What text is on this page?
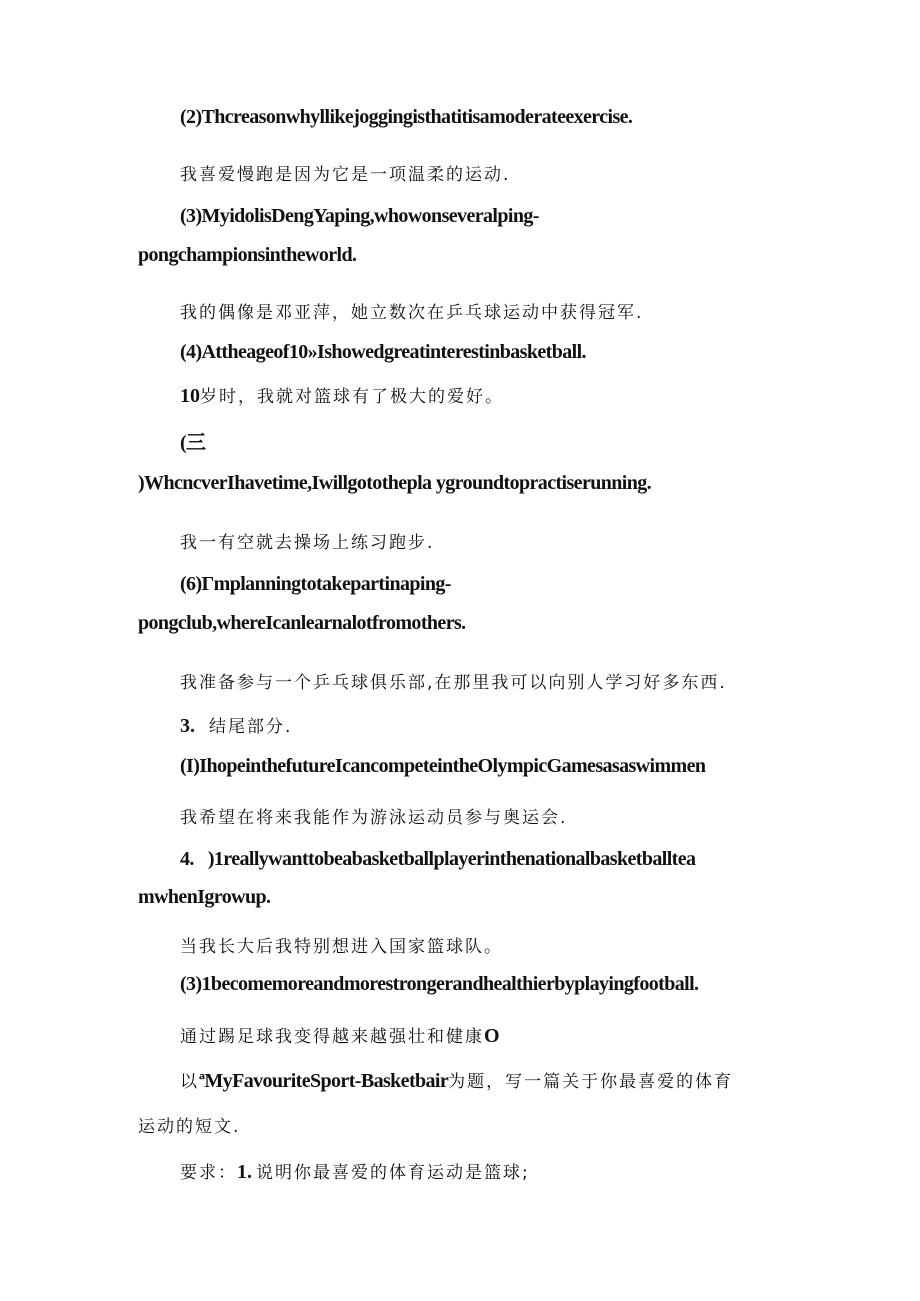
(2)Thcreasonwhyllikejoggingisthatitisamoderateexercise.

我喜爱慢跑是因为它是一项温柔的运动.

(3)MyidolisDengYaping,whowonseveralping-

pongchampionsintheworld.

我的偶像是邓亚萍，她立数次在乒乓球运动中获得冠军.

(4)Attheageof10»Ishowedgreatinterestinbasketball.

10岁时，我就对篮球有了极大的爱好。

(三

)WhcncverIhavetime,Iwillgotothepla ygroundtopractiserunning.

我一有空就去操场上练习跑步.

(6)Γmplanningtotakepartinaping-

pongclub,whereIcanlearnalotfromothers.

我准备参与一个乒乓球俱乐部,在那里我可以向别人学习好多东西.

3. 结尾部分.

(I)IhopeinthefutureIcancompeteintheOlympicGamesasaswimmen

我希望在将来我能作为游泳运动员参与奥运会.

4. )1reallywanttobeabasketballplayerinthenationalbasketballtea

mwhenIgrowup.

当我长大后我特别想进入国家篮球队。

(3)1becomemoreandmorestrongerandhealthierbyplayingfootball.

通过踢足球我变得越来越强壮和健康O

以ªMyFavouriteSport-Basketbair为题，写一篇关于你最喜爱的体育

运动的短文.

要求：1. 说明你最喜爱的体育运动是篮球;
